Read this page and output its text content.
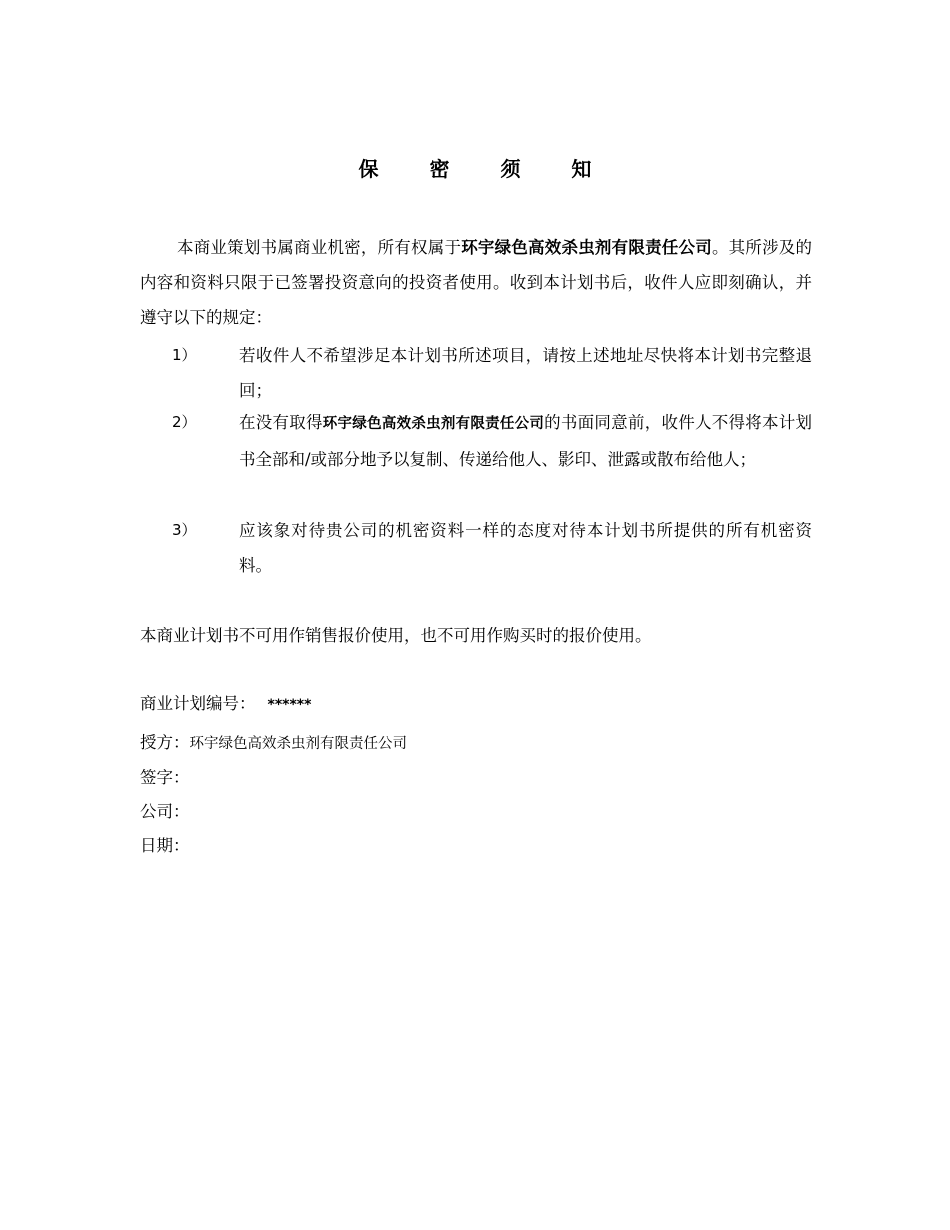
保 密 须 知

本商业策划书属商业机密，所有权属于环宇绿色高效杀虫剂有限责任公司。其所涉及的内容和资料只限于已签署投资意向的投资者使用。收到本计划书后，收件人应即刻确认，并遵守以下的规定：

1）	若收件人不希望涉足本计划书所述项目，请按上述地址尽快将本计划书完整退回；
2）	在没有取得环宇绿色高效杀虫剂有限责任公司的书面同意前，收件人不得将本计划书全部和/或部分地予以复制、传递给他人、影印、泄露或散布给他人；
3）	应该象对待贵公司的机密资料一样的态度对待本计划书所提供的所有机密资料。
本商业计划书不可用作销售报价使用，也不可用作购买时的报价使用。
商业计划编号： ******
授方：环宇绿色高效杀虫剂有限责任公司
签字：
公司：
日期：
